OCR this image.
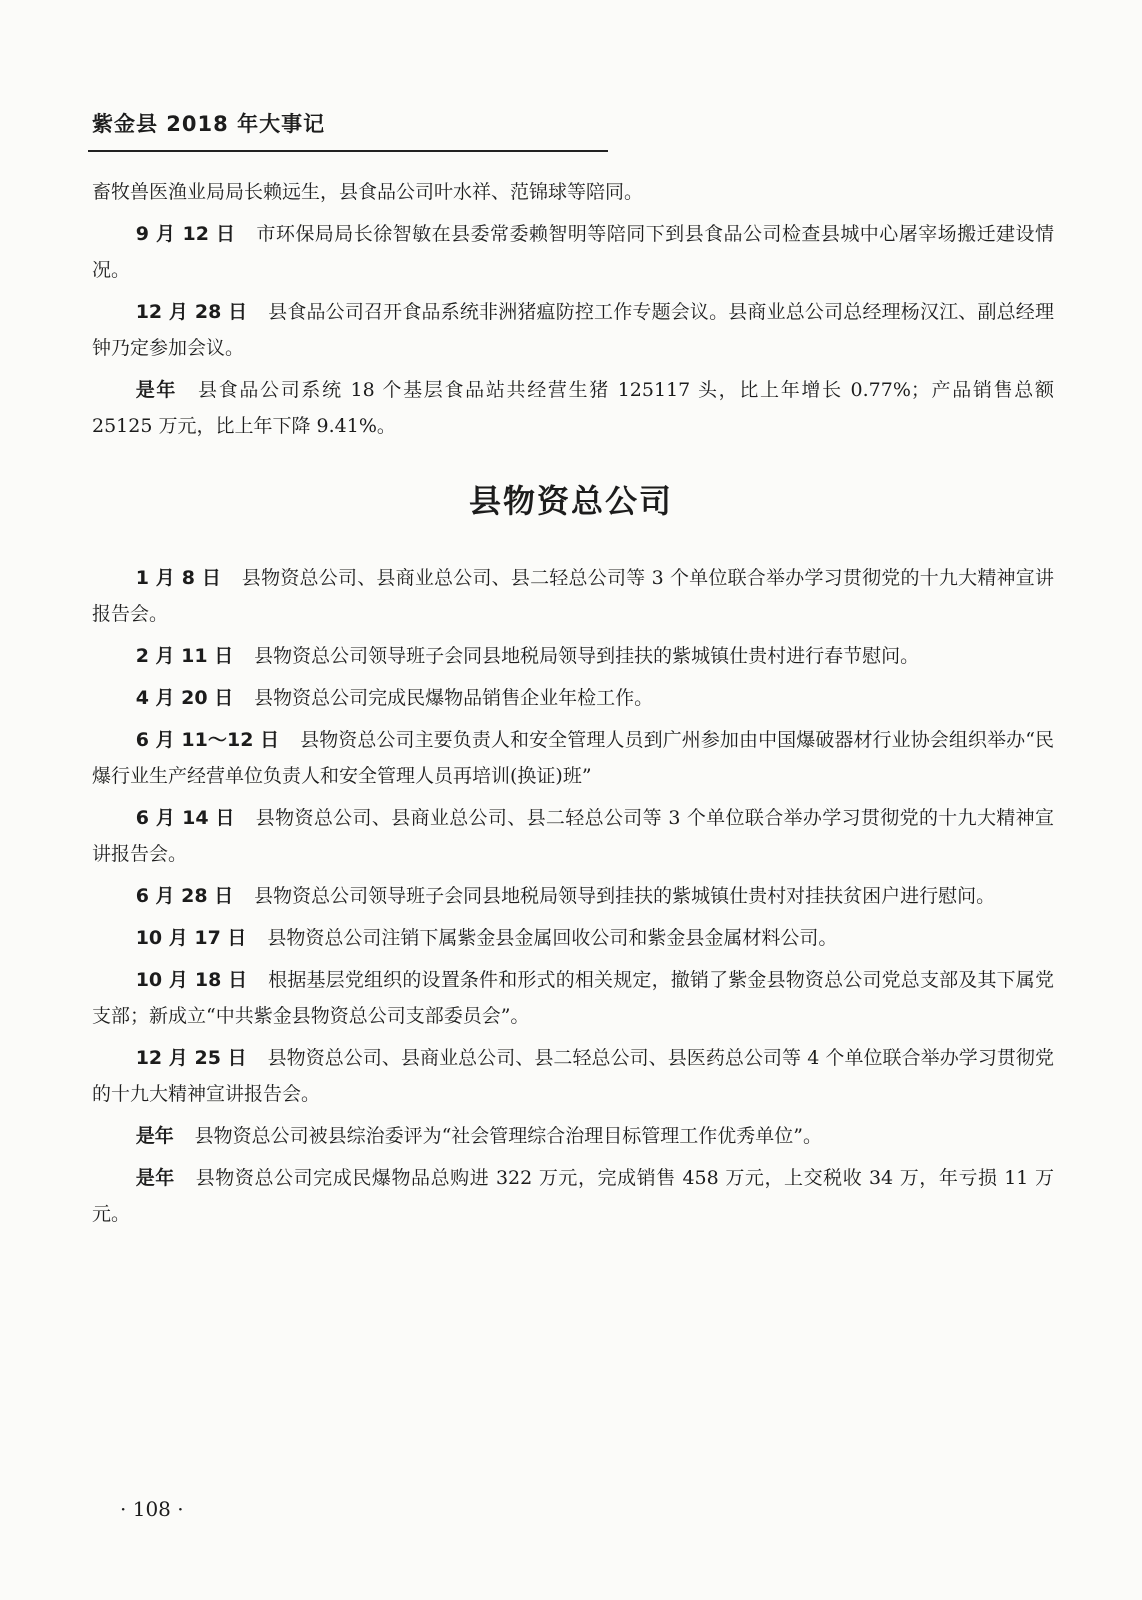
紫金县 2018 年大事记

畜牧兽医渔业局局长赖远生，县食品公司叶水祥、范锦球等陪同。

9 月 12 日 市环保局局长徐智敏在县委常委赖智明等陪同下到县食品公司检查县城中心屠宰场搬迁建设情况。

12 月 28 日 县食品公司召开食品系统非洲猪瘟防控工作专题会议。县商业总公司总经理杨汉江、副总经理钟乃定参加会议。

是年 县食品公司系统 18 个基层食品站共经营生猪 125117 头，比上年增长 0.77%；产品销售总额 25125 万元，比上年下降 9.41%。

县物资总公司

1 月 8 日 县物资总公司、县商业总公司、县二轻总公司等 3 个单位联合举办学习贯彻党的十九大精神宣讲报告会。

2 月 11 日 县物资总公司领导班子会同县地税局领导到挂扶的紫城镇仕贵村进行春节慰问。

4 月 20 日 县物资总公司完成民爆物品销售企业年检工作。

6 月 11～12 日 县物资总公司主要负责人和安全管理人员到广州参加由中国爆破器材行业协会组织举办“民爆行业生产经营单位负责人和安全管理人员再培训(换证)班”

6 月 14 日 县物资总公司、县商业总公司、县二轻总公司等 3 个单位联合举办学习贯彻党的十九大精神宣讲报告会。

6 月 28 日 县物资总公司领导班子会同县地税局领导到挂扶的紫城镇仕贵村对挂扶贫困户进行慰问。

10 月 17 日 县物资总公司注销下属紫金县金属回收公司和紫金县金属材料公司。

10 月 18 日 根据基层党组织的设置条件和形式的相关规定，撤销了紫金县物资总公司党总支部及其下属党支部；新成立“中共紫金县物资总公司支部委员会”。

12 月 25 日 县物资总公司、县商业总公司、县二轻总公司、县医药总公司等 4 个单位联合举办学习贯彻党的十九大精神宣讲报告会。

是年 县物资总公司被县综治委评为“社会管理综合治理目标管理工作优秀单位”。

是年 县物资总公司完成民爆物品总购进 322 万元，完成销售 458 万元，上交税收 34 万，年亏损 11 万元。

· 108 ·
